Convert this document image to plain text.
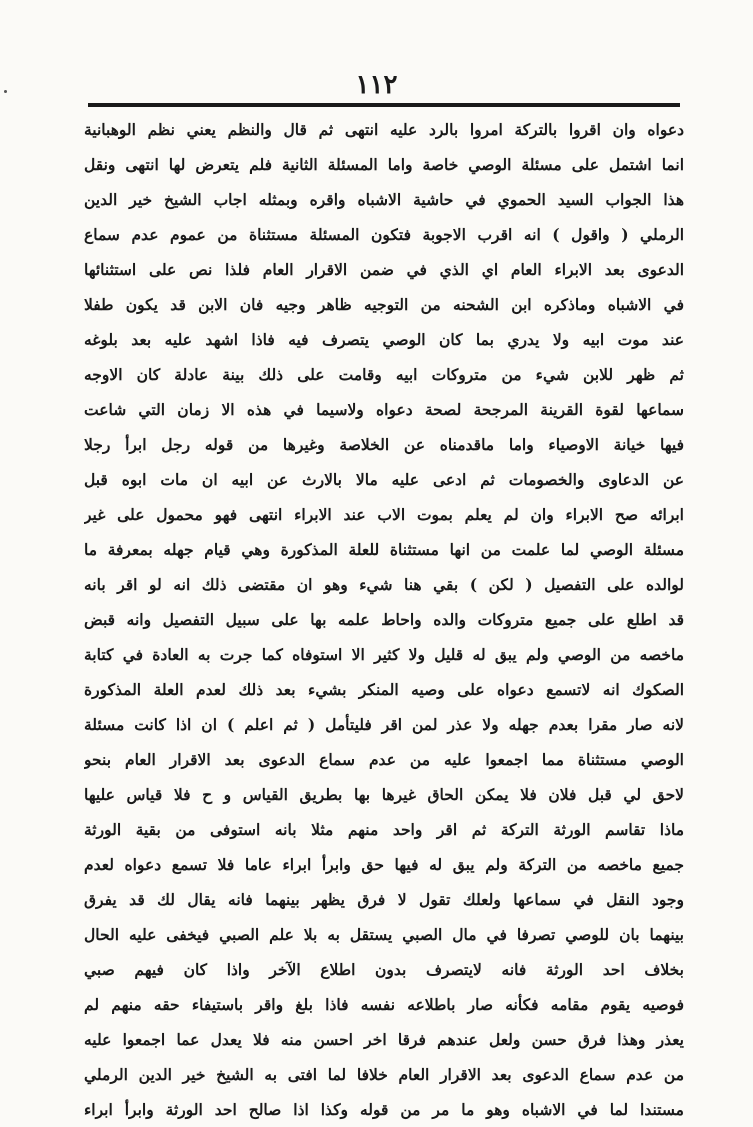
١١٢

دعواه وان اقروا بالتركة امروا بالرد عليه انتهى ثم قال والنظم يعني نظم الوهبانية

انما اشتمل على مسئلة الوصي خاصة واما المسئلة الثانية فلم يتعرض لها انتهى ونقل

هذا الجواب السيد الحموي في حاشية الاشباه واقره وبمثله اجاب الشيخ خير الدين

الرملي ( واقول ) انه اقرب الاجوبة فتكون المسئلة مستثناة من عموم عدم سماع

الدعوى بعد الابراء العام اي الذي في ضمن الاقرار العام فلذا نص على استثنائها

في الاشباه وماذكره ابن الشحنه من التوجيه ظاهر وجيه فان الابن قد يكون طفلا

عند موت ابيه ولا يدري بما كان الوصي يتصرف فيه فاذا اشهد عليه بعد بلوغه

ثم ظهر للابن شيء من متروكات ابيه وقامت على ذلك بينة عادلة كان الاوجه

سماعها لقوة القرينة المرجحة لصحة دعواه ولاسيما في هذه الا زمان التي شاعت

فيها خيانة الاوصياء واما ماقدمناه عن الخلاصة وغيرها من قوله رجل ابرأ رجلا

عن الدعاوى والخصومات ثم ادعى عليه مالا بالارث عن ابيه ان مات ابوه قبل

ابرائه صح الابراء وان لم يعلم بموت الاب عند الابراء انتهى فهو محمول على غير

مسئلة الوصي لما علمت من انها مستثناة للعلة المذكورة وهي قيام جهله بمعرفة ما

لوالده على التفصيل ( لكن ) بقي هنا شيء وهو ان مقتضى ذلك انه لو اقر بانه

قد اطلع على جميع متروكات والده واحاط علمه بها على سبيل التفصيل وانه قبض

ماخصه من الوصي ولم يبق له قليل ولا كثير الا استوفاه كما جرت به العادة في كتابة

الصكوك انه لاتسمع دعواه على وصيه المنكر بشيء بعد ذلك لعدم العلة المذكورة

لانه صار مقرا بعدم جهله ولا عذر لمن اقر فليتأمل ( ثم اعلم ) ان اذا كانت مسئلة

الوصي مستثناة مما اجمعوا عليه من عدم سماع الدعوى بعد الاقرار العام بنحو

لاحق لي قبل فلان فلا يمكن الحاق غيرها بها بطريق القياس و ح فلا قياس عليها

ماذا تقاسم الورثة التركة ثم اقر واحد منهم مثلا بانه استوفى من بقية الورثة

جميع ماخصه من التركة ولم يبق له فيها حق وابرأ ابراء عاما فلا تسمع دعواه لعدم

وجود النقل في سماعها ولعلك تقول لا فرق يظهر بينهما فانه يقال لك قد يفرق

بينهما بان للوصي تصرفا في مال الصبي يستقل به بلا علم الصبي فيخفى عليه الحال

بخلاف احد الورثة فانه لايتصرف بدون اطلاع الآخر واذا كان فيهم صبي

فوصيه يقوم مقامه فكأنه صار باطلاعه نفسه فاذا بلغ واقر باستيفاء حقه منهم لم

يعذر وهذا فرق حسن ولعل عندهم فرقا اخر احسن منه فلا يعدل عما اجمعوا عليه

من عدم سماع الدعوى بعد الاقرار العام خلافا لما افتى به الشيخ خير الدين الرملي

مستندا لما في الاشباه وهو ما مر من قوله وكذا اذا صالح احد الورثة وابرأ ابراء
